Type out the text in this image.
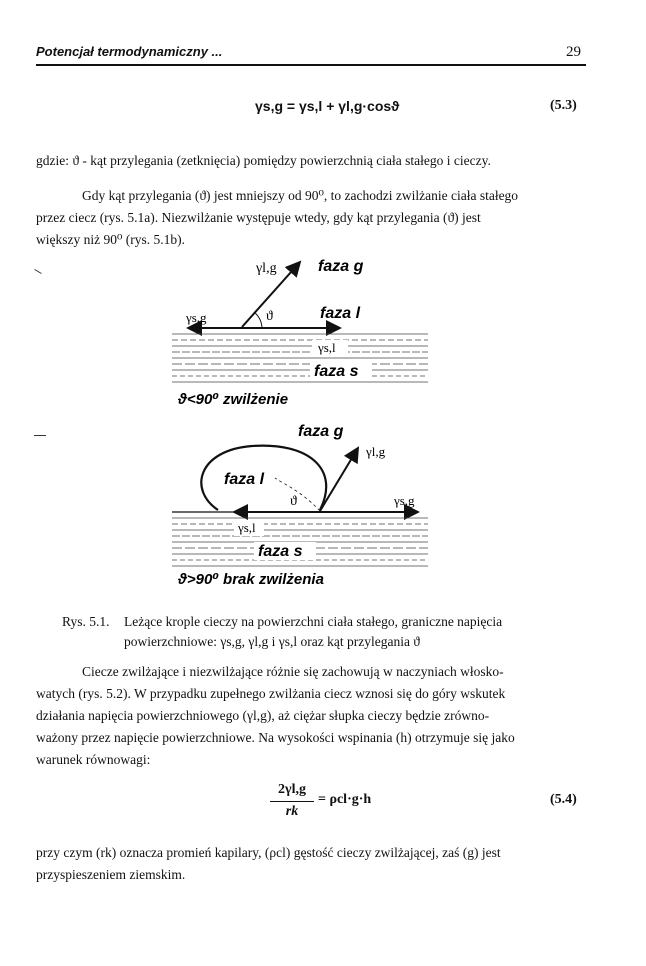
Potencjał termodynamiczny ...	29
γs,g = γs,l + γl,g·cosϑ	(5.3)
gdzie: ϑ - kąt przylegania (zetknięcia) pomiędzy powierzchnią ciała stałego i cieczy.
Gdy kąt przylegania (ϑ) jest mniejszy od 90⁰, to zachodzi zwilżanie ciała stałego
przez ciecz (rys. 5.1a). Niezwilżanie występuje wtedy, gdy kąt przylegania (ϑ) jest
większy niż 90⁰ (rys. 5.1b).
γl,g	faza g
γs,g	ϑ	faza l
γs,l
faza s
ϑ<90⁰ zwilżenie
faza g
γl,g
faza l
ϑ	γs,g
γs,l
faza s
ϑ>90⁰ brak zwilżenia
Rys. 5.1. Leżące krople cieczy na powierzchni ciała stałego, graniczne napięcia
powierzchniowe: γs,g, γl,g i γs,l oraz kąt przylegania ϑ
Ciecze zwilżające i niezwilżające różnie się zachowują w naczyniach włosko-
watych (rys. 5.2). W przypadku zupełnego zwilżania ciecz wznosi się do góry wskutek
działania napięcia powierzchniowego (γl,g), aż ciężar słupka cieczy będzie zrówno-
ważony przez napięcie powierzchniowe. Na wysokości wspinania (h) otrzymuje się jako
warunek równowagi:
2γl,g
rk
= ρcl·g·h	(5.4)
przy czym (rk) oznacza promień kapilary, (ρcl) gęstość cieczy zwilżającej, zaś (g) jest
przyspieszeniem ziemskim.
